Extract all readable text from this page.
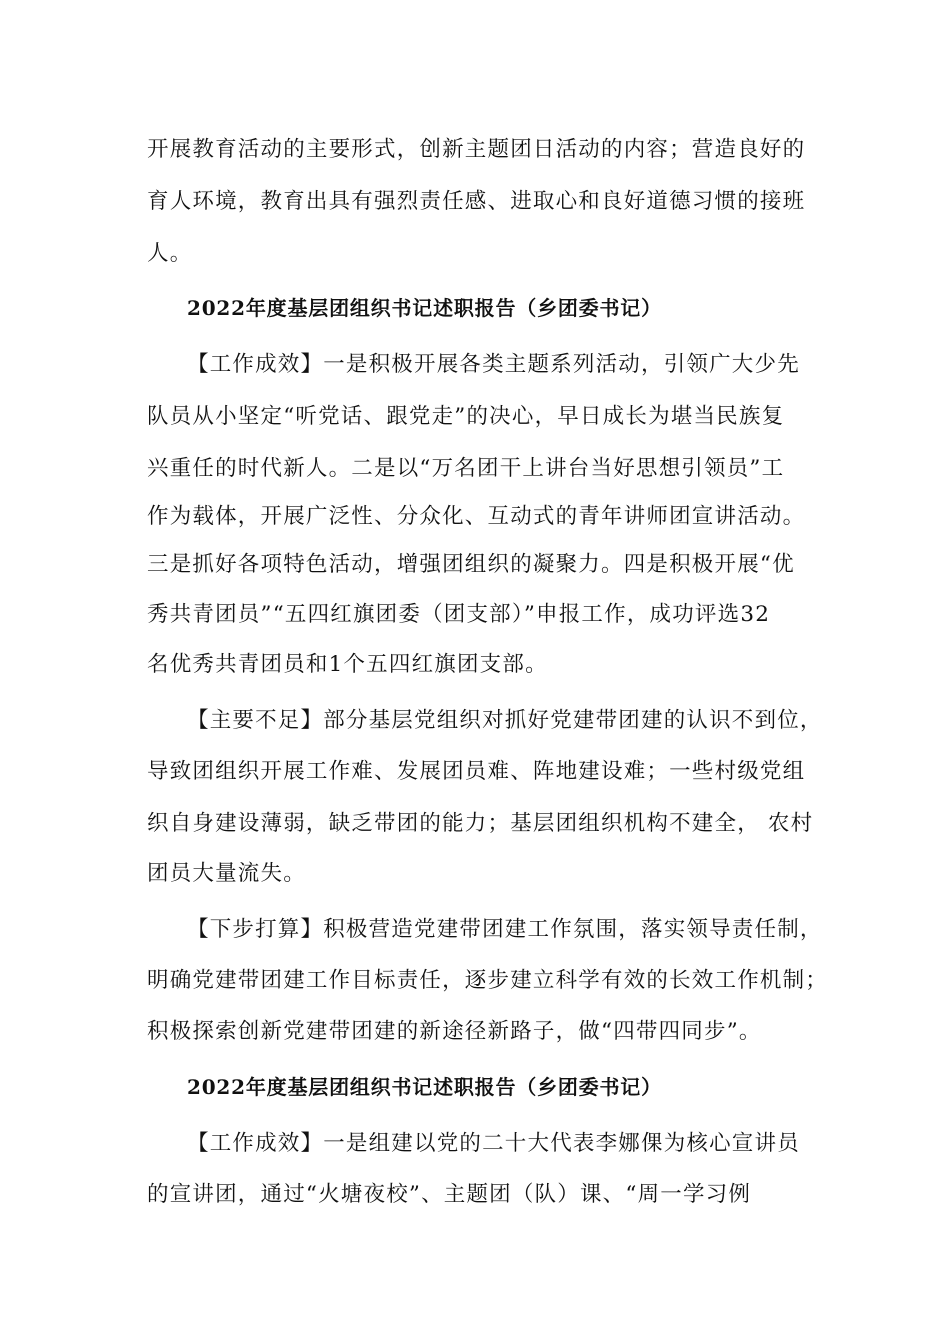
开展教育活动的主要形式，创新主题团日活动的内容；营造良好的
育人环境，教育出具有强烈责任感、进取心和良好道德习惯的接班
人。
2022年度基层团组织书记述职报告（乡团委书记）
【工作成效】一是积极开展各类主题系列活动，引领广大少先
队员从小坚定“听党话、跟党走”的决心，早日成长为堪当民族复
兴重任的时代新人。二是以“万名团干上讲台当好思想引领员”工
作为载体，开展广泛性、分众化、互动式的青年讲师团宣讲活动。
三是抓好各项特色活动，增强团组织的凝聚力。四是积极开展“优
秀共青团员”“五四红旗团委（团支部）”申报工作，成功评选32
名优秀共青团员和1个五四红旗团支部。
【主要不足】部分基层党组织对抓好党建带团建的认识不到位，
导致团组织开展工作难、发展团员难、阵地建设难；一些村级党组
织自身建设薄弱，缺乏带团的能力；基层团组织机构不建全， 农村
团员大量流失。
【下步打算】积极营造党建带团建工作氛围，落实领导责任制，
明确党建带团建工作目标责任，逐步建立科学有效的长效工作机制；
积极探索创新党建带团建的新途径新路子，做“四带四同步”。
2022年度基层团组织书记述职报告（乡团委书记）
【工作成效】一是组建以党的二十大代表李娜倮为核心宣讲员
的宣讲团，通过“火塘夜校”、主题团（队）课、“周一学习例
